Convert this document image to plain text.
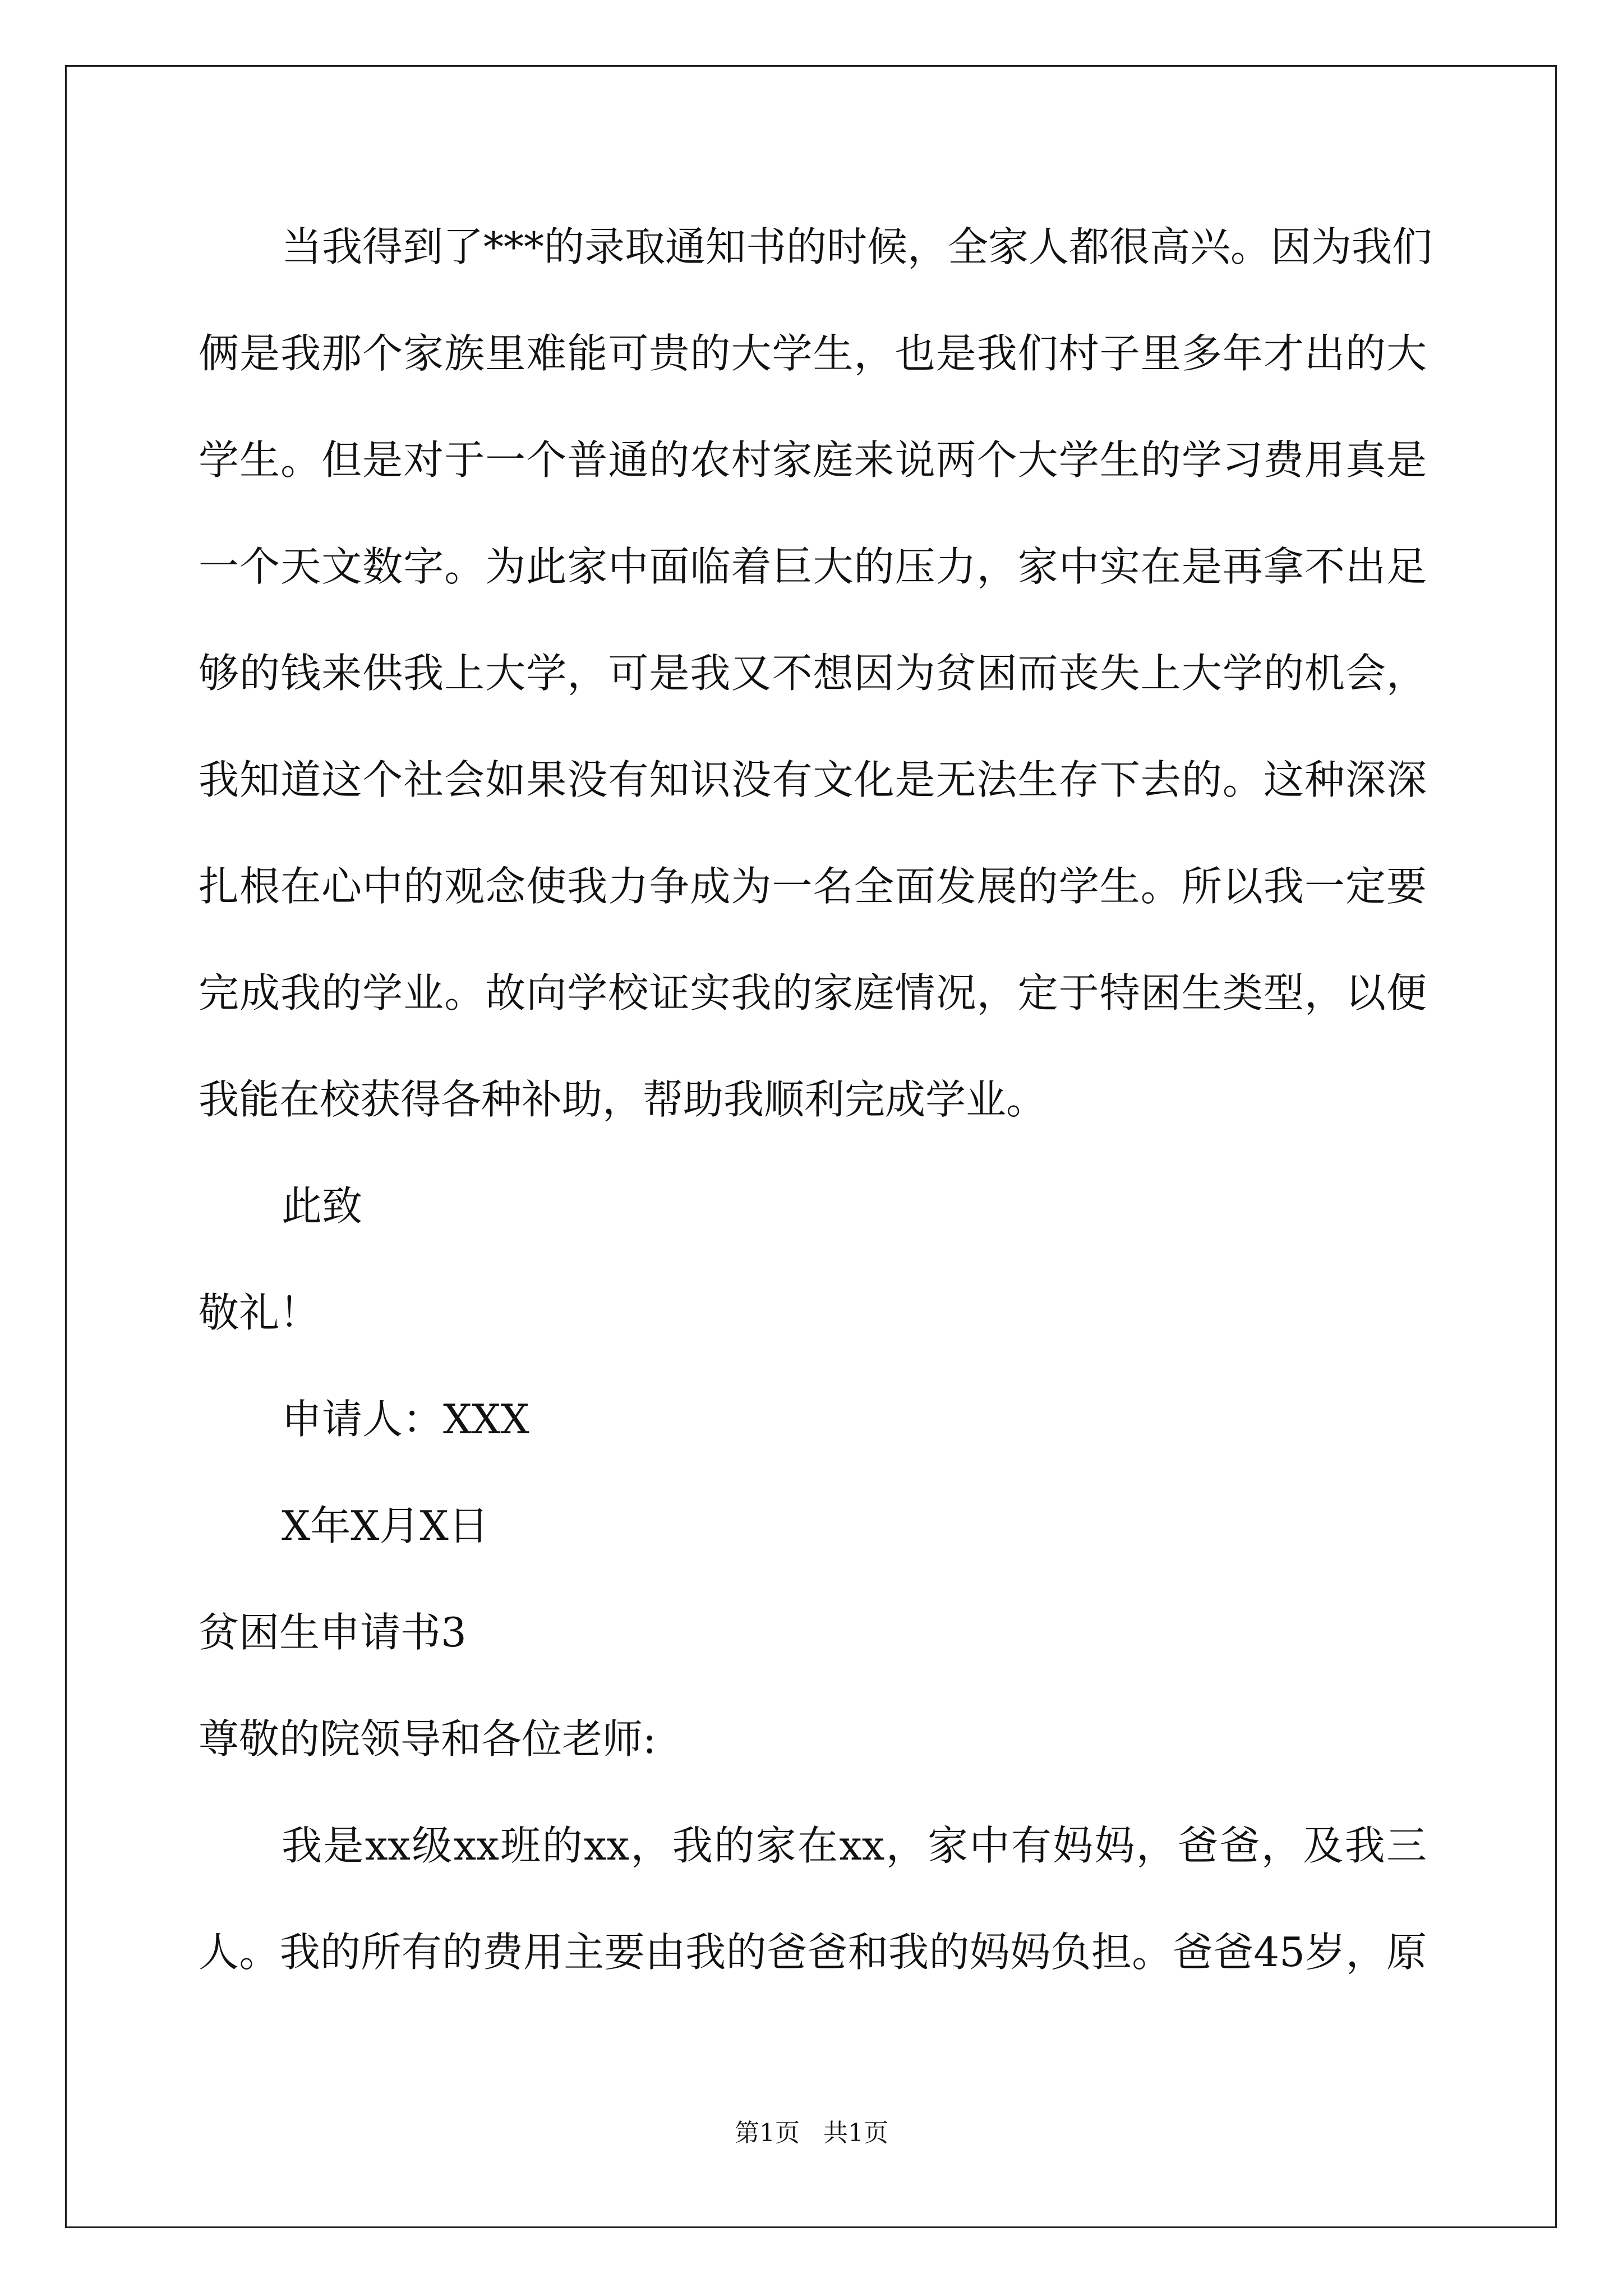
当我得到了***的录取通知书的时候，全家人都很高兴。因为我们
俩是我那个家族里难能可贵的大学生，也是我们村子里多年才出的大
学生。但是对于一个普通的农村家庭来说两个大学生的学习费用真是
一个天文数字。为此家中面临着巨大的压力，家中实在是再拿不出足
够的钱来供我上大学，可是我又不想因为贫困而丧失上大学的机会，
我知道这个社会如果没有知识没有文化是无法生存下去的。这种深深
扎根在心中的观念使我力争成为一名全面发展的学生。所以我一定要
完成我的学业。故向学校证实我的家庭情况，定于特困生类型，以便
我能在校获得各种补助，帮助我顺利完成学业。
此致
敬礼！
申请人：XXX
X年X月X日
贫困生申请书3
尊敬的院领导和各位老师:
我是xx级xx班的xx，我的家在xx，家中有妈妈，爸爸，及我三
人。我的所有的费用主要由我的爸爸和我的妈妈负担。爸爸45岁，原
第1页   共1页
